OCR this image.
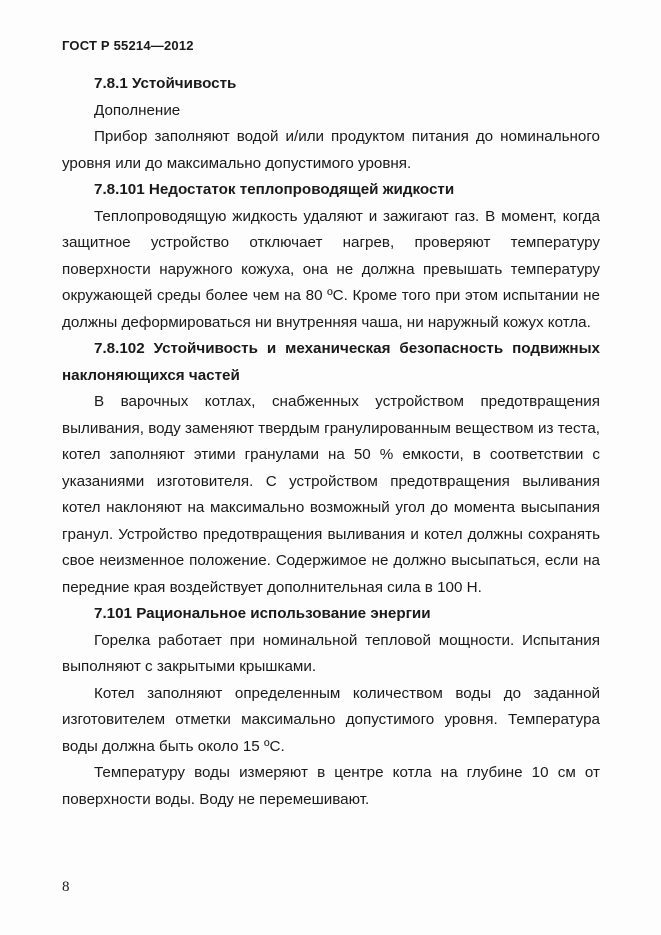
ГОСТ Р 55214—2012

7.8.1 Устойчивость

Дополнение

Прибор заполняют водой и/или продуктом питания до номинального уровня или до максимально допустимого уровня.

7.8.101 Недостаток теплопроводящей жидкости

Теплопроводящую жидкость удаляют и зажигают газ. В момент, когда защитное устройство отключает нагрев, проверяют температуру поверхности наружного кожуха, она не должна превышать температуру окружающей среды более чем на 80 ºС. Кроме того при этом испытании не должны деформироваться ни внутренняя чаша, ни наружный кожух котла.

7.8.102 Устойчивость и механическая безопасность подвижных наклоняющихся частей

В варочных котлах, снабженных устройством предотвращения выливания, воду заменяют твердым гранулированным веществом из теста, котел заполняют этими гранулами на 50 % емкости, в соответствии с указаниями изготовителя. С устройством предотвращения выливания котел наклоняют на максимально возможный угол до момента высыпания гранул. Устройство предотвращения выливания и котел должны сохранять свое неизменное положение. Содержимое не должно высыпаться, если на передние края воздействует дополнительная сила в 100 Н.

7.101 Рациональное использование энергии

Горелка работает при номинальной тепловой мощности. Испытания выполняют с закрытыми крышками.

Котел заполняют определенным количеством воды до заданной изготовителем отметки максимально допустимого уровня. Температура воды должна быть около 15 ºС.

Температуру воды измеряют в центре котла на глубине 10 см от поверхности воды. Воду не перемешивают.

8
